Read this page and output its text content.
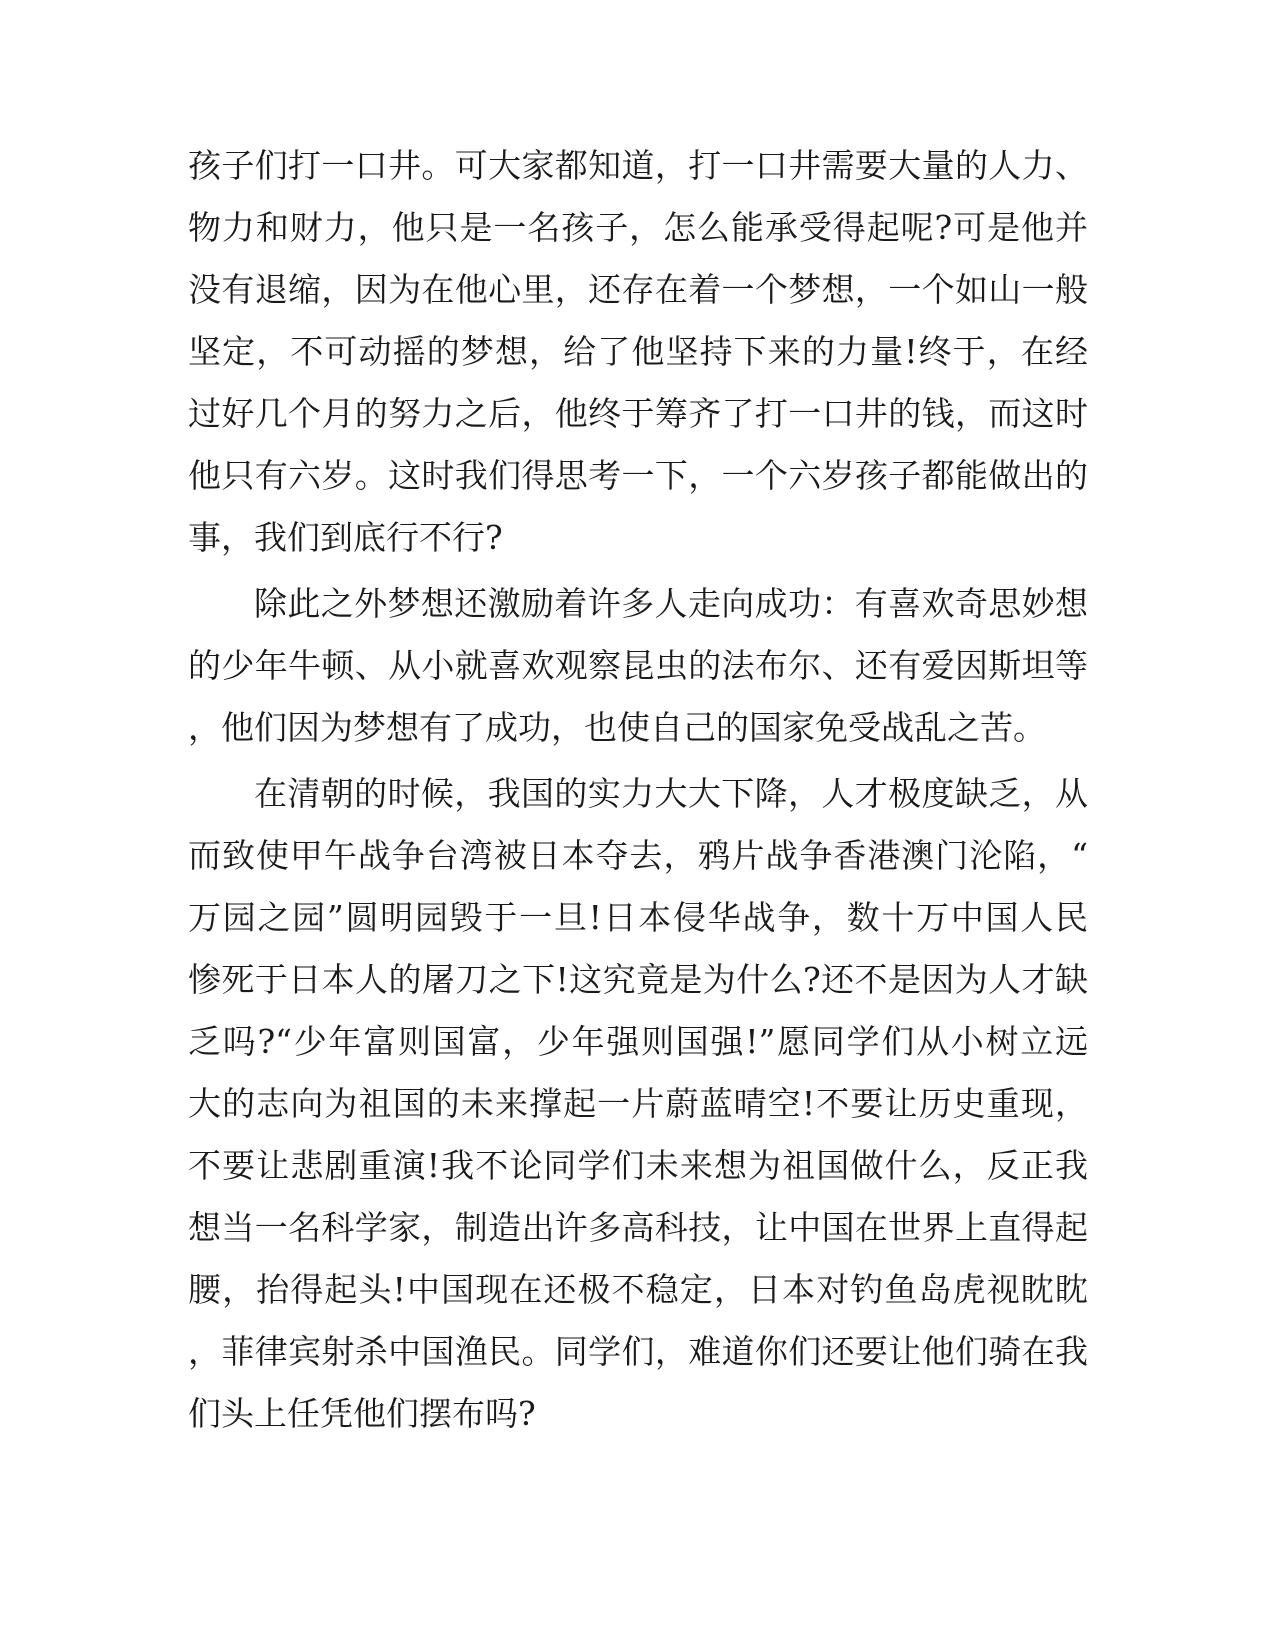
孩子们打一口井。可大家都知道，打一口井需要大量的人力、
物力和财力，他只是一名孩子，怎么能承受得起呢?可是他并
没有退缩，因为在他心里，还存在着一个梦想，一个如山一般
坚定，不可动摇的梦想，给了他坚持下来的力量!终于，在经
过好几个月的努力之后，他终于筹齐了打一口井的钱，而这时
他只有六岁。这时我们得思考一下，一个六岁孩子都能做出的
事，我们到底行不行?
除此之外梦想还激励着许多人走向成功：有喜欢奇思妙想
的少年牛顿、从小就喜欢观察昆虫的法布尔、还有爱因斯坦等
，他们因为梦想有了成功，也使自己的国家免受战乱之苦。
在清朝的时候，我国的实力大大下降，人才极度缺乏，从
而致使甲午战争台湾被日本夺去，鸦片战争香港澳门沦陷，“
万园之园”圆明园毁于一旦!日本侵华战争，数十万中国人民
惨死于日本人的屠刀之下!这究竟是为什么?还不是因为人才缺
乏吗?“少年富则国富，少年强则国强!”愿同学们从小树立远
大的志向为祖国的未来撑起一片蔚蓝晴空!不要让历史重现，
不要让悲剧重演!我不论同学们未来想为祖国做什么，反正我
想当一名科学家，制造出许多高科技，让中国在世界上直得起
腰，抬得起头!中国现在还极不稳定，日本对钓鱼岛虎视眈眈
，菲律宾射杀中国渔民。同学们，难道你们还要让他们骑在我
们头上任凭他们摆布吗?
